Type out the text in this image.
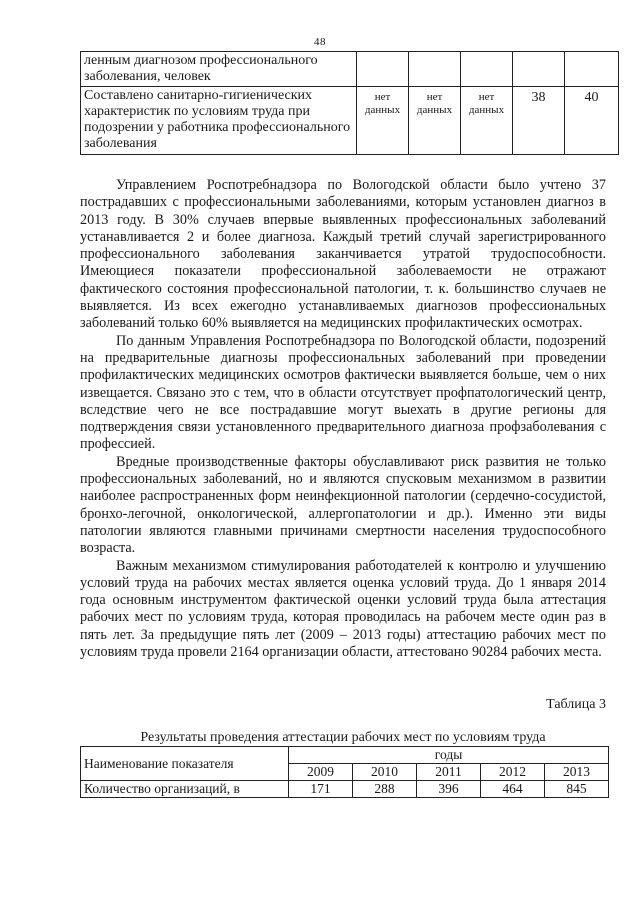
48
ленным диагнозом профессионального заболевания, человек					
Составлено санитарно-гигиенических характеристик по условиям труда при подозрении у работника профессионального заболевания	нет данных	нет данных	нет данных	38	40

Управлением Роспотребнадзора по Вологодской области было учтено 37 пострадавших с профессиональными заболеваниями, которым установлен диагноз в 2013 году. В 30% случаев впервые выявленных профессиональных заболеваний устанавливается 2 и более диагноза. Каждый третий случай зарегистрированного профессионального заболевания заканчивается утратой трудоспособности. Имеющиеся показатели профессиональной заболеваемости не отражают фактического состояния профессиональной патологии, т. к. большинство случаев не выявляется. Из всех ежегодно устанавливаемых диагнозов профессиональных заболеваний только 60% выявляется на медицинских профилактических осмотрах.

По данным Управления Роспотребнадзора по Вологодской области, подозрений на предварительные диагнозы профессиональных заболеваний при проведении профилактических медицинских осмотров фактически выявляется больше, чем о них извещается. Связано это с тем, что в области отсутствует профпатологический центр, вследствие чего не все пострадавшие могут выехать в другие регионы для подтверждения связи установленного предварительного диагноза профзаболевания с профессией.

Вредные производственные факторы обуславливают риск развития не только профессиональных заболеваний, но и являются спусковым механизмом в развитии наиболее распространенных форм неинфекционной патологии (сердечно-сосудистой, бронхо-легочной, онкологической, аллергопатологии и др.). Именно эти виды патологии являются главными причинами смертности населения трудоспособного возраста.

Важным механизмом стимулирования работодателей к контролю и улучшению условий труда на рабочих местах является оценка условий труда. До 1 января 2014 года основным инструментом фактической оценки условий труда была аттестация рабочих мест по условиям труда, которая проводилась на рабочем месте один раз в пять лет. За предыдущие пять лет (2009 – 2013 годы) аттестацию рабочих мест по условиям труда провели 2164 организации области, аттестовано 90284 рабочих места.

Таблица 3
Результаты проведения аттестации рабочих мест по условиям труда
Наименование показателя	годы				
	2009	2010	2011	2012	2013
Количество организаций, в	171	288	396	464	845
